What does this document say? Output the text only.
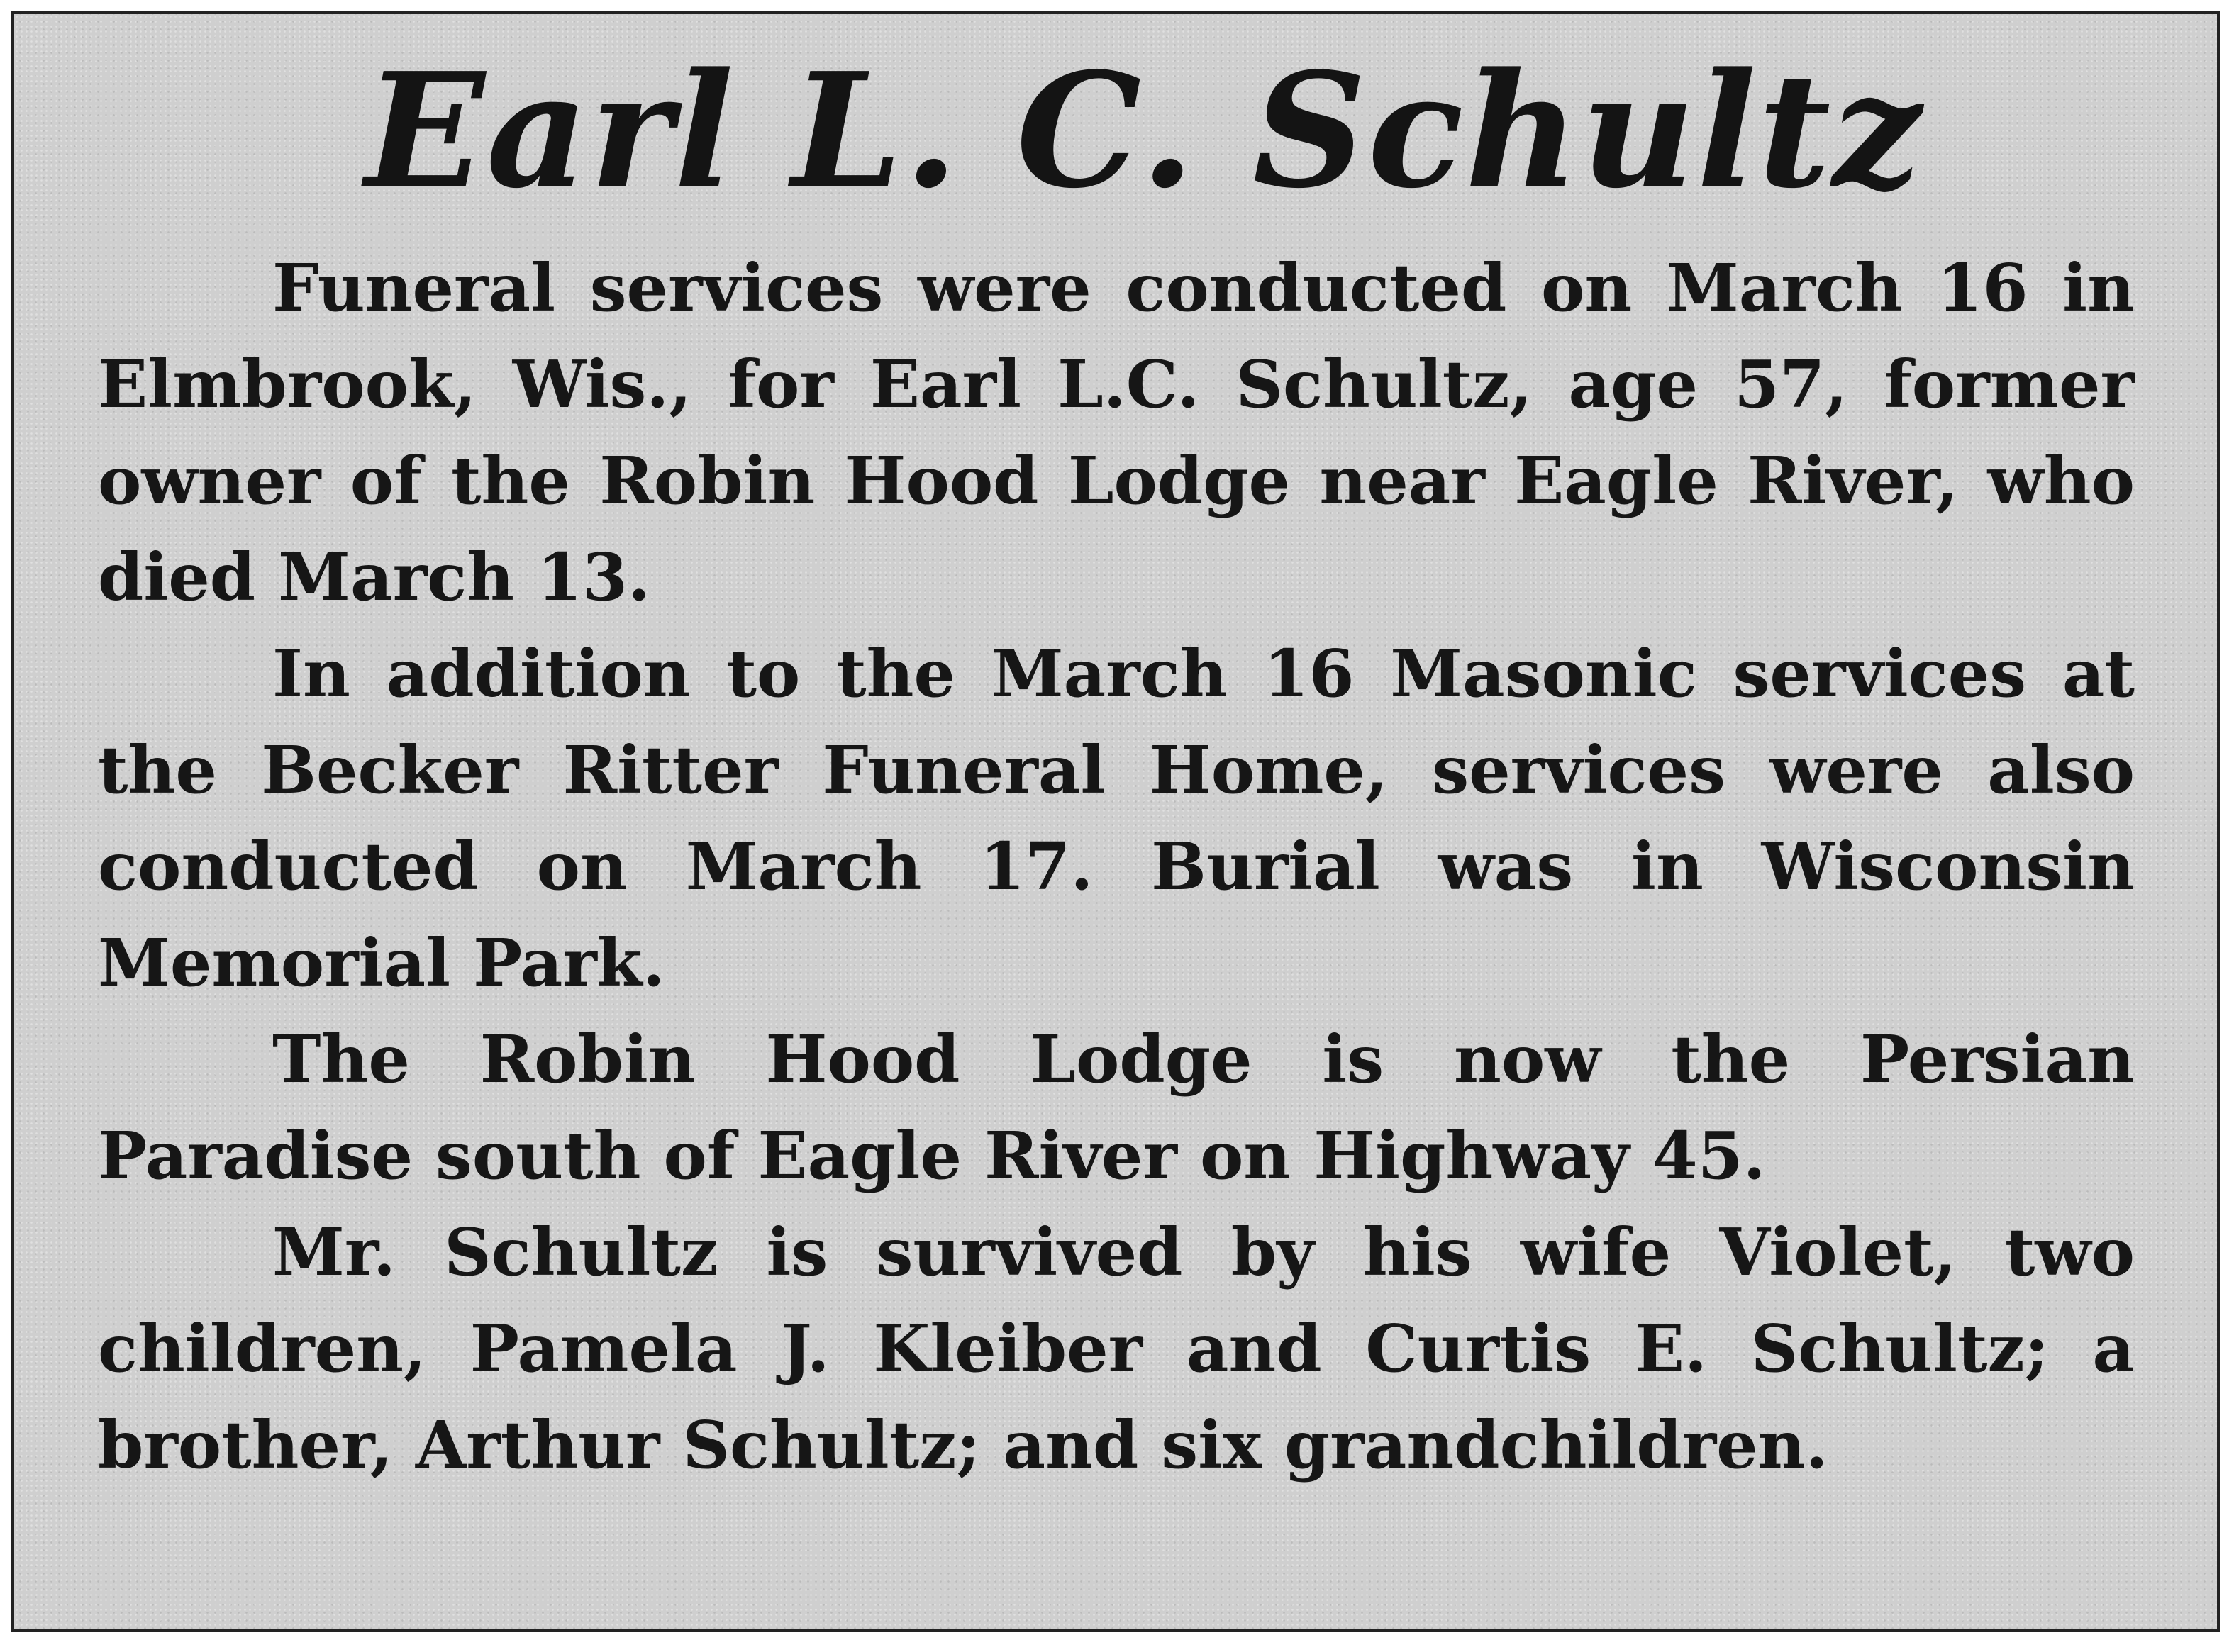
Earl L. C. Schultz

Funeral services were conducted on March 16 in Elmbrook, Wis., for Earl L.C. Schultz, age 57, former owner of the Robin Hood Lodge near Eagle River, who died March 13.

In addition to the March 16 Masonic services at the Becker Ritter Funeral Home, services were also conducted on March 17. Burial was in Wisconsin Memorial Park.

The Robin Hood Lodge is now the Persian Paradise south of Eagle River on Highway 45.

Mr. Schultz is survived by his wife Violet, two children, Pamela J. Kleiber and Curtis E. Schultz; a brother, Arthur Schultz; and six grandchildren.
